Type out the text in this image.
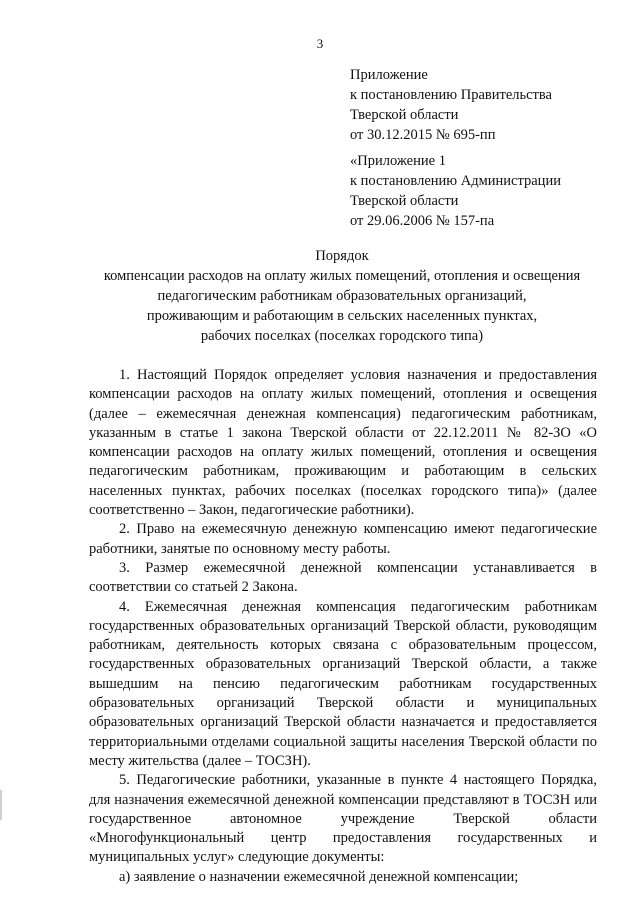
3
Приложение
к постановлению Правительства
Тверской области
от 30.12.2015 № 695-пп
«Приложение 1
к постановлению Администрации
Тверской области
от 29.06.2006 № 157-па
Порядок
компенсации расходов на оплату жилых помещений, отопления и освещения
педагогическим работникам образовательных организаций,
проживающим и работающим в сельских населенных пунктах,
рабочих поселках (поселках городского типа)

1. Настоящий Порядок определяет условия назначения и предоставления компенсации расходов на оплату жилых помещений, отопления и освещения (далее – ежемесячная денежная компенсация) педагогическим работникам, указанным в статье 1 закона Тверской области от 22.12.2011 № 82-ЗО «О компенсации расходов на оплату жилых помещений, отопления и освещения педагогическим работникам, проживающим и работающим в сельских населенных пунктах, рабочих поселках (поселках городского типа)» (далее соответственно – Закон, педагогические работники).

2. Право на ежемесячную денежную компенсацию имеют педагогические работники, занятые по основному месту работы.

3. Размер ежемесячной денежной компенсации устанавливается в соответствии со статьей 2 Закона.

4. Ежемесячная денежная компенсация педагогическим работникам государственных образовательных организаций Тверской области, руководящим работникам, деятельность которых связана с образовательным процессом, государственных образовательных организаций Тверской области, а также вышедшим на пенсию педагогическим работникам государственных образовательных организаций Тверской области и муниципальных образовательных организаций Тверской области назначается и предоставляется территориальными отделами социальной защиты населения Тверской области по месту жительства (далее – ТОСЗН).

5. Педагогические работники, указанные в пункте 4 настоящего Порядка, для назначения ежемесячной денежной компенсации представляют в ТОСЗН или государственное автономное учреждение Тверской области «Многофункциональный центр предоставления государственных и муниципальных услуг» следующие документы:

а) заявление о назначении ежемесячной денежной компенсации;
